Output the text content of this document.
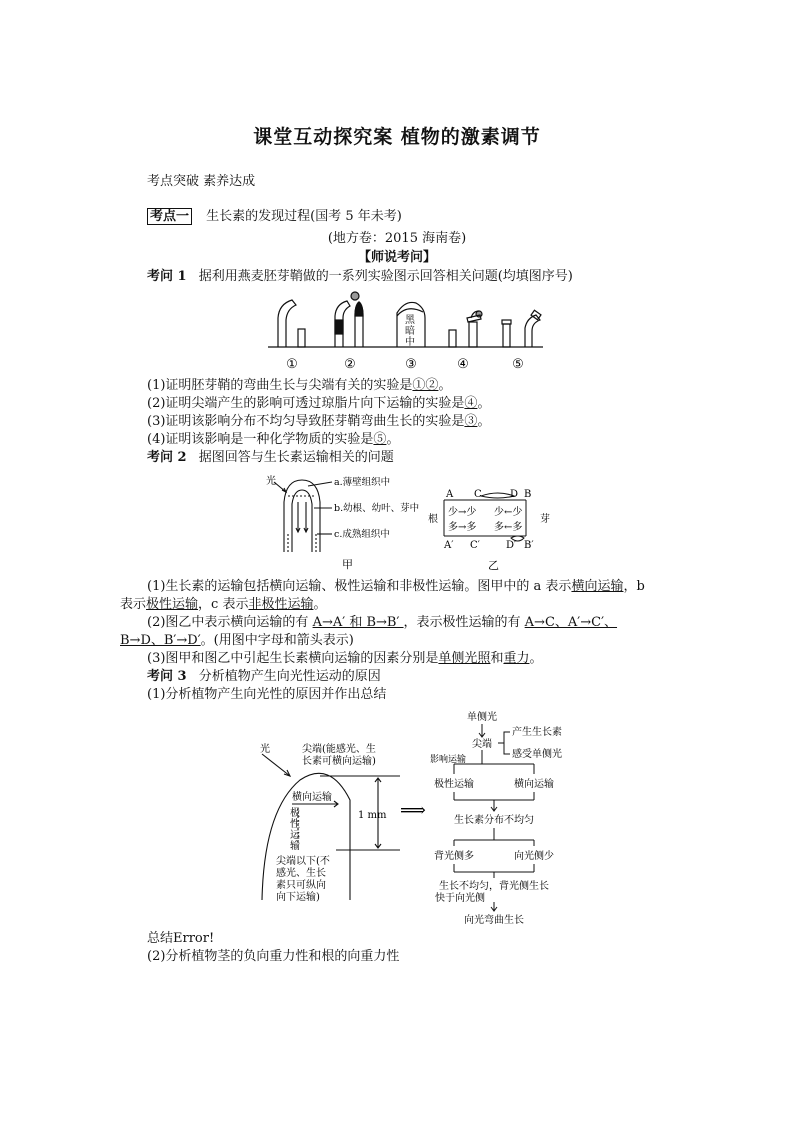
课堂互动探究案 植物的激素调节
考点突破 素养达成
考点一 生长素的发现过程(国考 5 年未考)
(地方卷：2015 海南卷)
【师说考问】
考问 1 据利用燕麦胚芽鞘做的一系列实验图示回答相关问题(均填图序号)
黑
暗
中
①	②	③	④	⑤
(1)证明胚芽鞘的弯曲生长与尖端有关的实验是①②。
(2)证明尖端产生的影响可透过琼脂片向下运输的实验是④。
(3)证明该影响分布不均匀导致胚芽鞘弯曲生长的实验是③。
(4)证明该影响是一种化学物质的实验是⑤。
考问 2 据图回答与生长素运输相关的问题
光	a.薄壁组织中
b.幼根、幼叶、芽中
c.成熟组织中
甲
A C	D B
根	芽
少→少
多→多
少←少
多←多
A′ C′	D′ B′
乙
(1)生长素的运输包括横向运输、极性运输和非极性运输。图甲中的 a 表示横向运输，b
表示极性运输，c 表示非极性运输。
(2)图乙中表示横向运输的有 A→A′ 和 B→B′ ，表示极性运输的有 A→C、A′→C′、
B→D、B′→D′。(用图中字母和箭头表示)
(3)图甲和图乙中引起生长素横向运输的因素分别是单侧光照和重力。
考问 3 分析植物产生向光性运动的原因
(1)分析植物产生向光性的原因并作出总结
光	尖端(能感光、生
长素可横向运输)
横向运输
极
性
运
输
1 mm
尖端以下(不
感光、生长
素只可纵向
向下运输)
⟹
单侧光
尖端
产生生长素
感受单侧光
影响运输
极性运输	横向运输
生长素分布不均匀
背光侧多	向光侧少
生长不均匀，背光侧生长
快于向光侧
向光弯曲生长
总结Error!
(2)分析植物茎的负向重力性和根的向重力性
